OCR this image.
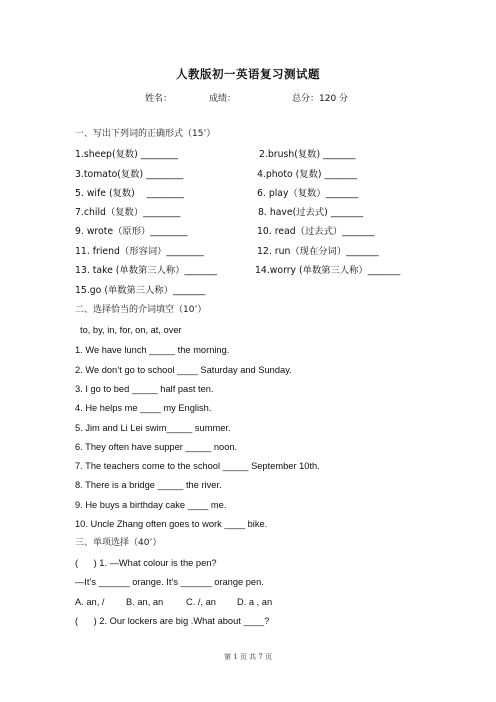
人教版初一英语复习测试题
姓名：	成绩：	总分：120 分
一、写出下列词的正确形式（15’）
1.sheep(复数) ________	2.brush(复数) _______
3.tomato(复数) ________	4.photo (复数) _______
5. wife (复数)    ________	6. play（复数）_______
7.child（复数）________	8. have(过去式) _______
9. wrote（原形）________	10. read（过去式）_______
11. friend（形容词）________	12. run（现在分词）_______
13. take (单数第三人称）_______	14.worry (单数第三人称）_______
15.go (单数第三人称）_______
二、选择恰当的介词填空（10’）
to, by, in, for, on, at, over
1. We have lunch _____ the morning.
2. We don’t go to school ____ Saturday and Sunday.
3. I go to bed _____ half past ten.
4. He helps me ____ my English.
5. Jim and Li Lei swim_____ summer.
6. They often have supper _____ noon.
7. The teachers come to the school _____ September 10th.
8. There is a bridge _____ the river.
9. He buys a birthday cake ____ me.
10. Uncle Zhang often goes to work ____ bike.
三、单项选择（40’）
(      ) 1. —What colour is the pen?
—It’s ______ orange. It’s ______ orange pen.
A. an, / B. an, an C. /, an D. a , an
(      ) 2. Our lockers are big .What about ____?
第 1 页 共 7 页
